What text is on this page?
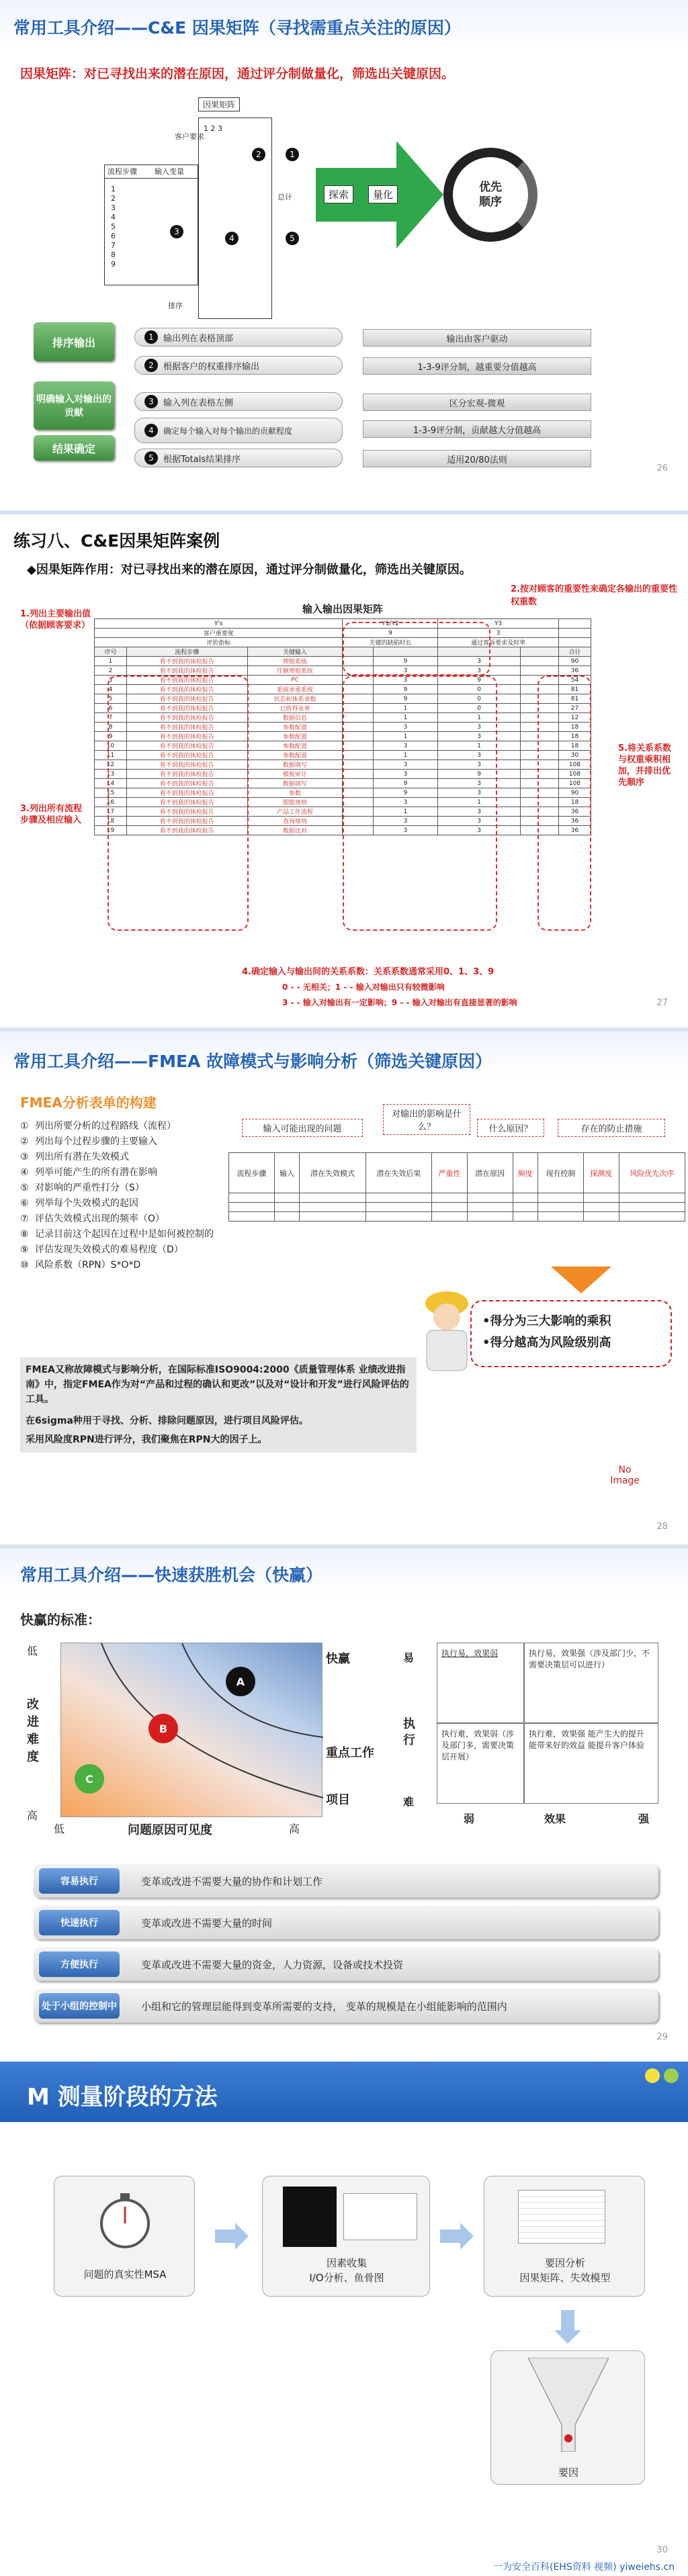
常用工具介绍——C&E 因果矩阵（寻找需重点关注的原因）
因果矩阵：对已寻找出来的潜在原因，通过评分制做量化，筛选出关键原因。
因果矩阵
客户要求
流程步骤 输入变量
总计
排序
1 2 3
1
2
3
4
5
6
7
8
9
1
2
3
4	5
探索	量化
优先顺序
排序输出
明确输入对输出的贡献
结果确定
1	输出列在表格顶部
2	根据客户的权重排序输出
3	输入列在表格左侧
4	确定每个输入对每个输出的贡献程度
5	根据Totals结果排序
输出由客户驱动
1-3-9评分制，越重要分值越高
区分宏观-微观
1-3-9评分制，贡献越大分值越高
适用20/80法则
26
练习八、C&E因果矩阵案例
◆因果矩阵作用：对已寻找出来的潜在原因，通过评分制做量化，筛选出关键原因。
1.列出主要输出值（依据顾客要求）
2.按对顾客的重要性来确定各输出的重要性权重数
3.列出所有流程步骤及相应输入
5.将关系系数与权重乘积相加，并排出优先顺序
输入输出因果矩阵
Y's			Y1/Y2		Y3		
客户重要度			9		3		
评价指标			关键的缺陷时长		通过客诉要求及时率		
序号	流程步骤	关键输入					合计
1	看不到我的体检报告	理赔系统		9	3		90
2	看不到我的体检报告	任额理赔系统		3	3		36
3	看不到我的体检报告	PC		3	9		54
4	看不到我的体检报告	系统承重系统		9	0		81
5	看不到我的体检报告	状态和体系承数		9	0		81
6	看不到我的体检报告	已收得业务		1	0		27
7	看不到我的体检报告	数据信息		1	1		12
8	看不到我的体检报告	参数配置		3	3		18
9	看不到我的体检报告	参数配置		1	3		18
10	看不到我的体检报告	参数配置		3	1		18
11	看不到我的体检报告	参数配置		1	3		30
12	看不到我的体检报告	数据填写		3	3		108
13	看不到我的体检报告	模板审计		3	9		108
14	看不到我的体检报告	数据填写		9	3		108
15	看不到我的体检报告	参数		9	3		90
16	看不到我的体检报告	期能规则		3	1		18
17	看不到我的体检报告	产品工作流程		1	3		36
18	看不到我的体检报告	查询规则		3	3		36
19	看不到我的体检报告	数据比对		3	3		36
4.确定输入与输出间的关系系数：关系系数通常采用0、1、3、9
0 - - 无相关；1 - - 输入对输出只有较微影响
3 - - 输入对输出有一定影响；9 - - 输入对输出有直接显著的影响	27
常用工具介绍——FMEA 故障模式与影响分析（筛选关键原因）
FMEA分析表单的构建
① 列出所要分析的过程路线（流程）
② 列出每个过程步骤的主要输入
③ 列出所有潜在失效模式
④ 列举可能产生的所有潜在影响
⑤ 对影响的严重性打分（S）
⑥ 列举每个失效模式的起因
⑦ 评估失效模式出现的频率（O）
⑧ 记录目前这个起因在过程中是如何被控制的
⑨ 评估发现失效模式的难易程度（D）
⑩ 风险系数（RPN）S*O*D
输入可能出现的问题
对输出的影响是什么？	什么原因？	存在的防止措施
流程步骤	输入	潜在失效模式	潜在失效后果	严重性	潜在原因	频度	现有控制	探测度	风险优先次序

•得分为三大影响的乘积
•得分越高为风险级别高

FMEA又称故障模式与影响分析，在国际标准ISO9004:2000《质量管理体系 业绩改进指南》中，指定FMEA作为对“产品和过程的确认和更改”以及对“设计和开发”进行风险评估的工具。

在6sigma种用于寻找、分析、排除问题原因，进行项目风险评估。

采用风险度RPN进行评分，我们聚焦在RPN大的因子上。

No Image
28
常用工具介绍——快速获胜机会（快赢）
快赢的标准：
A
B
C
低
改进难度
高
低	问题原因可见度	高
快赢
重点工作
项目
易
执行
难
执行易，效果弱	执行易，效果强（涉及部门少，不需要决策层可以进行）
执行难，效果弱（涉及部门多，需要决策层开展）
执行难，效果强 能产生大的提升 能带来好的效益 能提升客户体验
弱	效果	强
容易执行	变革或改进不需要大量的协作和计划工作
快速执行	变革或改进不需要大量的时间
方便执行	变革或改进不需要大量的资金，人力资源，设备或技术投资
处于小组的控制中 小组和它的管理层能得到变革所需要的支持， 变革的规模是在小组能影响的范围内
29
M 测量阶段的方法
问题的真实性MSA
因素收集
I/O分析、鱼骨图
要因分析
因果矩阵、失效模型
要因
30
一为安全百科(EHS资料 视频) yiweiehs.cn
